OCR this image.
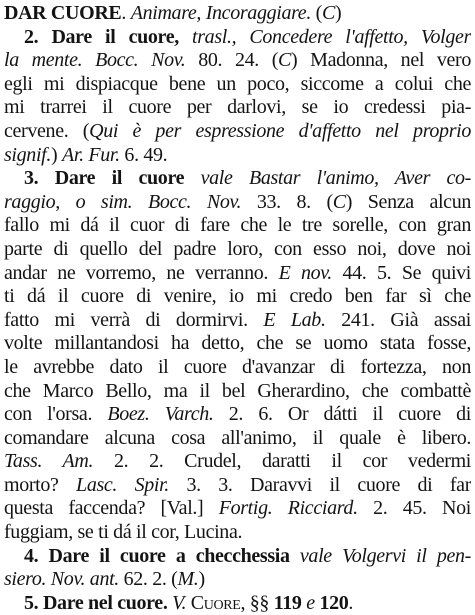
DAR CUORE. Animare, Incoraggiare. (C)
2. Dare il cuore, trasl., Concedere l'affetto, Volger
la mente. Bocc. Nov. 80. 24. (C) Madonna, nel vero
egli mi dispiacque bene un poco, siccome a colui che
mi trarrei il cuore per darlovi, se io credessi pia-
cervene. (Qui è per espressione d'affetto nel proprio
signif.) Ar. Fur. 6. 49.
3. Dare il cuore vale Bastar l'animo, Aver co-
raggio, o sim. Bocc. Nov. 33. 8. (C) Senza alcun
fallo mi dá il cuor di fare che le tre sorelle, con gran
parte di quello del padre loro, con esso noi, dove noi
andar ne vorremo, ne verranno. E nov. 44. 5. Se quivi
ti dá il cuore di venire, io mi credo ben far sì che
fatto mi verrà di dormirvi. E Lab. 241. Già assai
volte millantandosi ha detto, che se uomo stata fosse,
le avrebbe dato il cuore d'avanzar di fortezza, non
che Marco Bello, ma il bel Gherardino, che combattè
con l'orsa. Boez. Varch. 2. 6. Or dátti il cuore di
comandare alcuna cosa all'animo, il quale è libero.
Tass. Am. 2. 2. Crudel, daratti il cor vedermi
morto? Lasc. Spir. 3. 3. Daravvi il cuore di far
questa faccenda? [Val.] Fortig. Ricciard. 2. 45. Noi
fuggiam, se ti dá il cor, Lucina.
4. Dare il cuore a checchessia vale Volgervi il pen-
siero. Nov. ant. 62. 2. (M.)
5. Dare nel cuore. V. Cuore, §§ 119 e 120.
